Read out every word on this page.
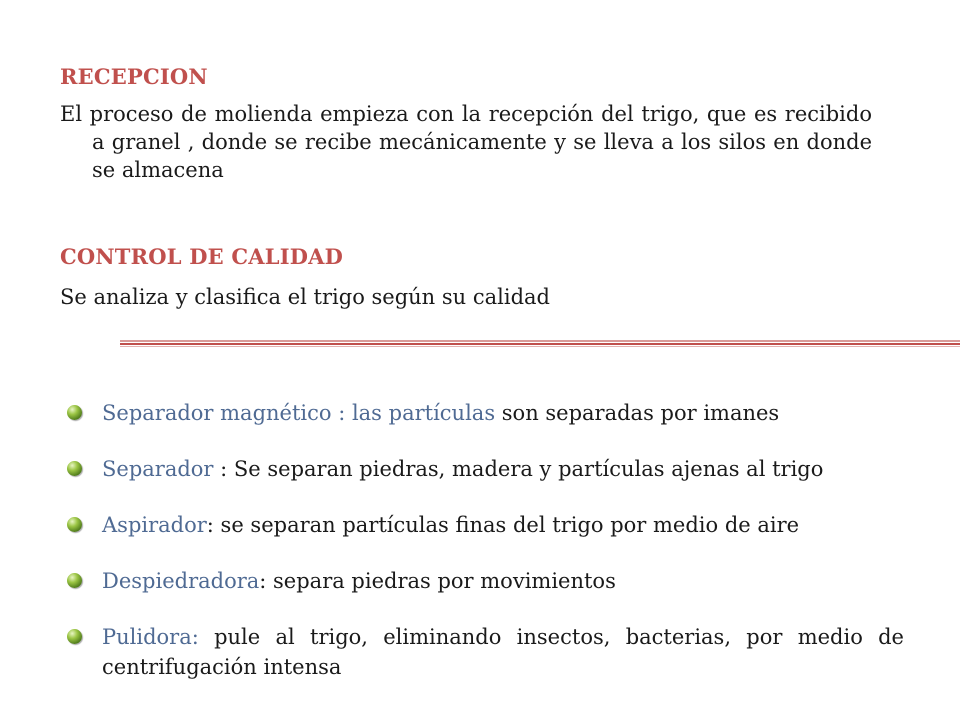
RECEPCION

El proceso de molienda empieza con la recepción del trigo, que es recibido a granel , donde se recibe mecánicamente y se lleva a los silos en donde se almacena

CONTROL DE CALIDAD

Se analiza y clasifica el trigo según su calidad

Separador magnético : las partículas son separadas por imanes
Separador : Se separan piedras, madera y partículas ajenas al trigo
Aspirador: se separan partículas finas del trigo por medio de aire
Despiedradora: separa piedras por movimientos
Pulidora: pule al trigo, eliminando insectos, bacterias, por medio de centrifugación intensa
